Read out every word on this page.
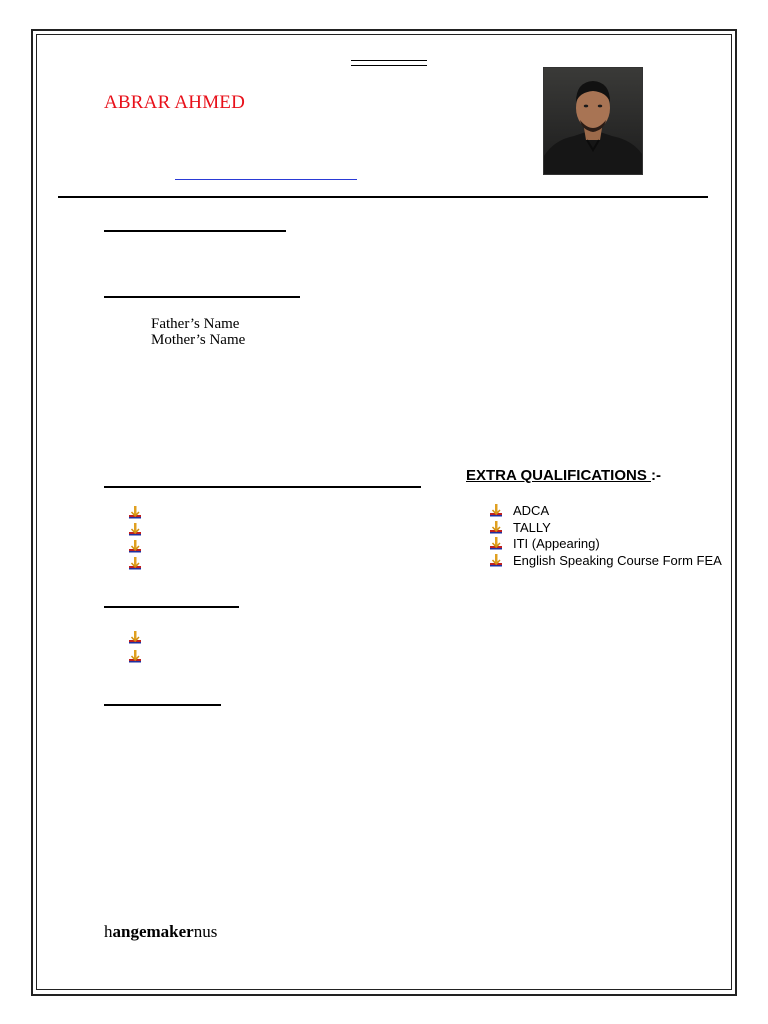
ABRAR AHMED
Father’s Name
Mother’s Name
EXTRA QUALIFICATIONS :-
ADCA
TALLY
ITI (Appearing)
English Speaking Course Form FEA
hangemakernus
